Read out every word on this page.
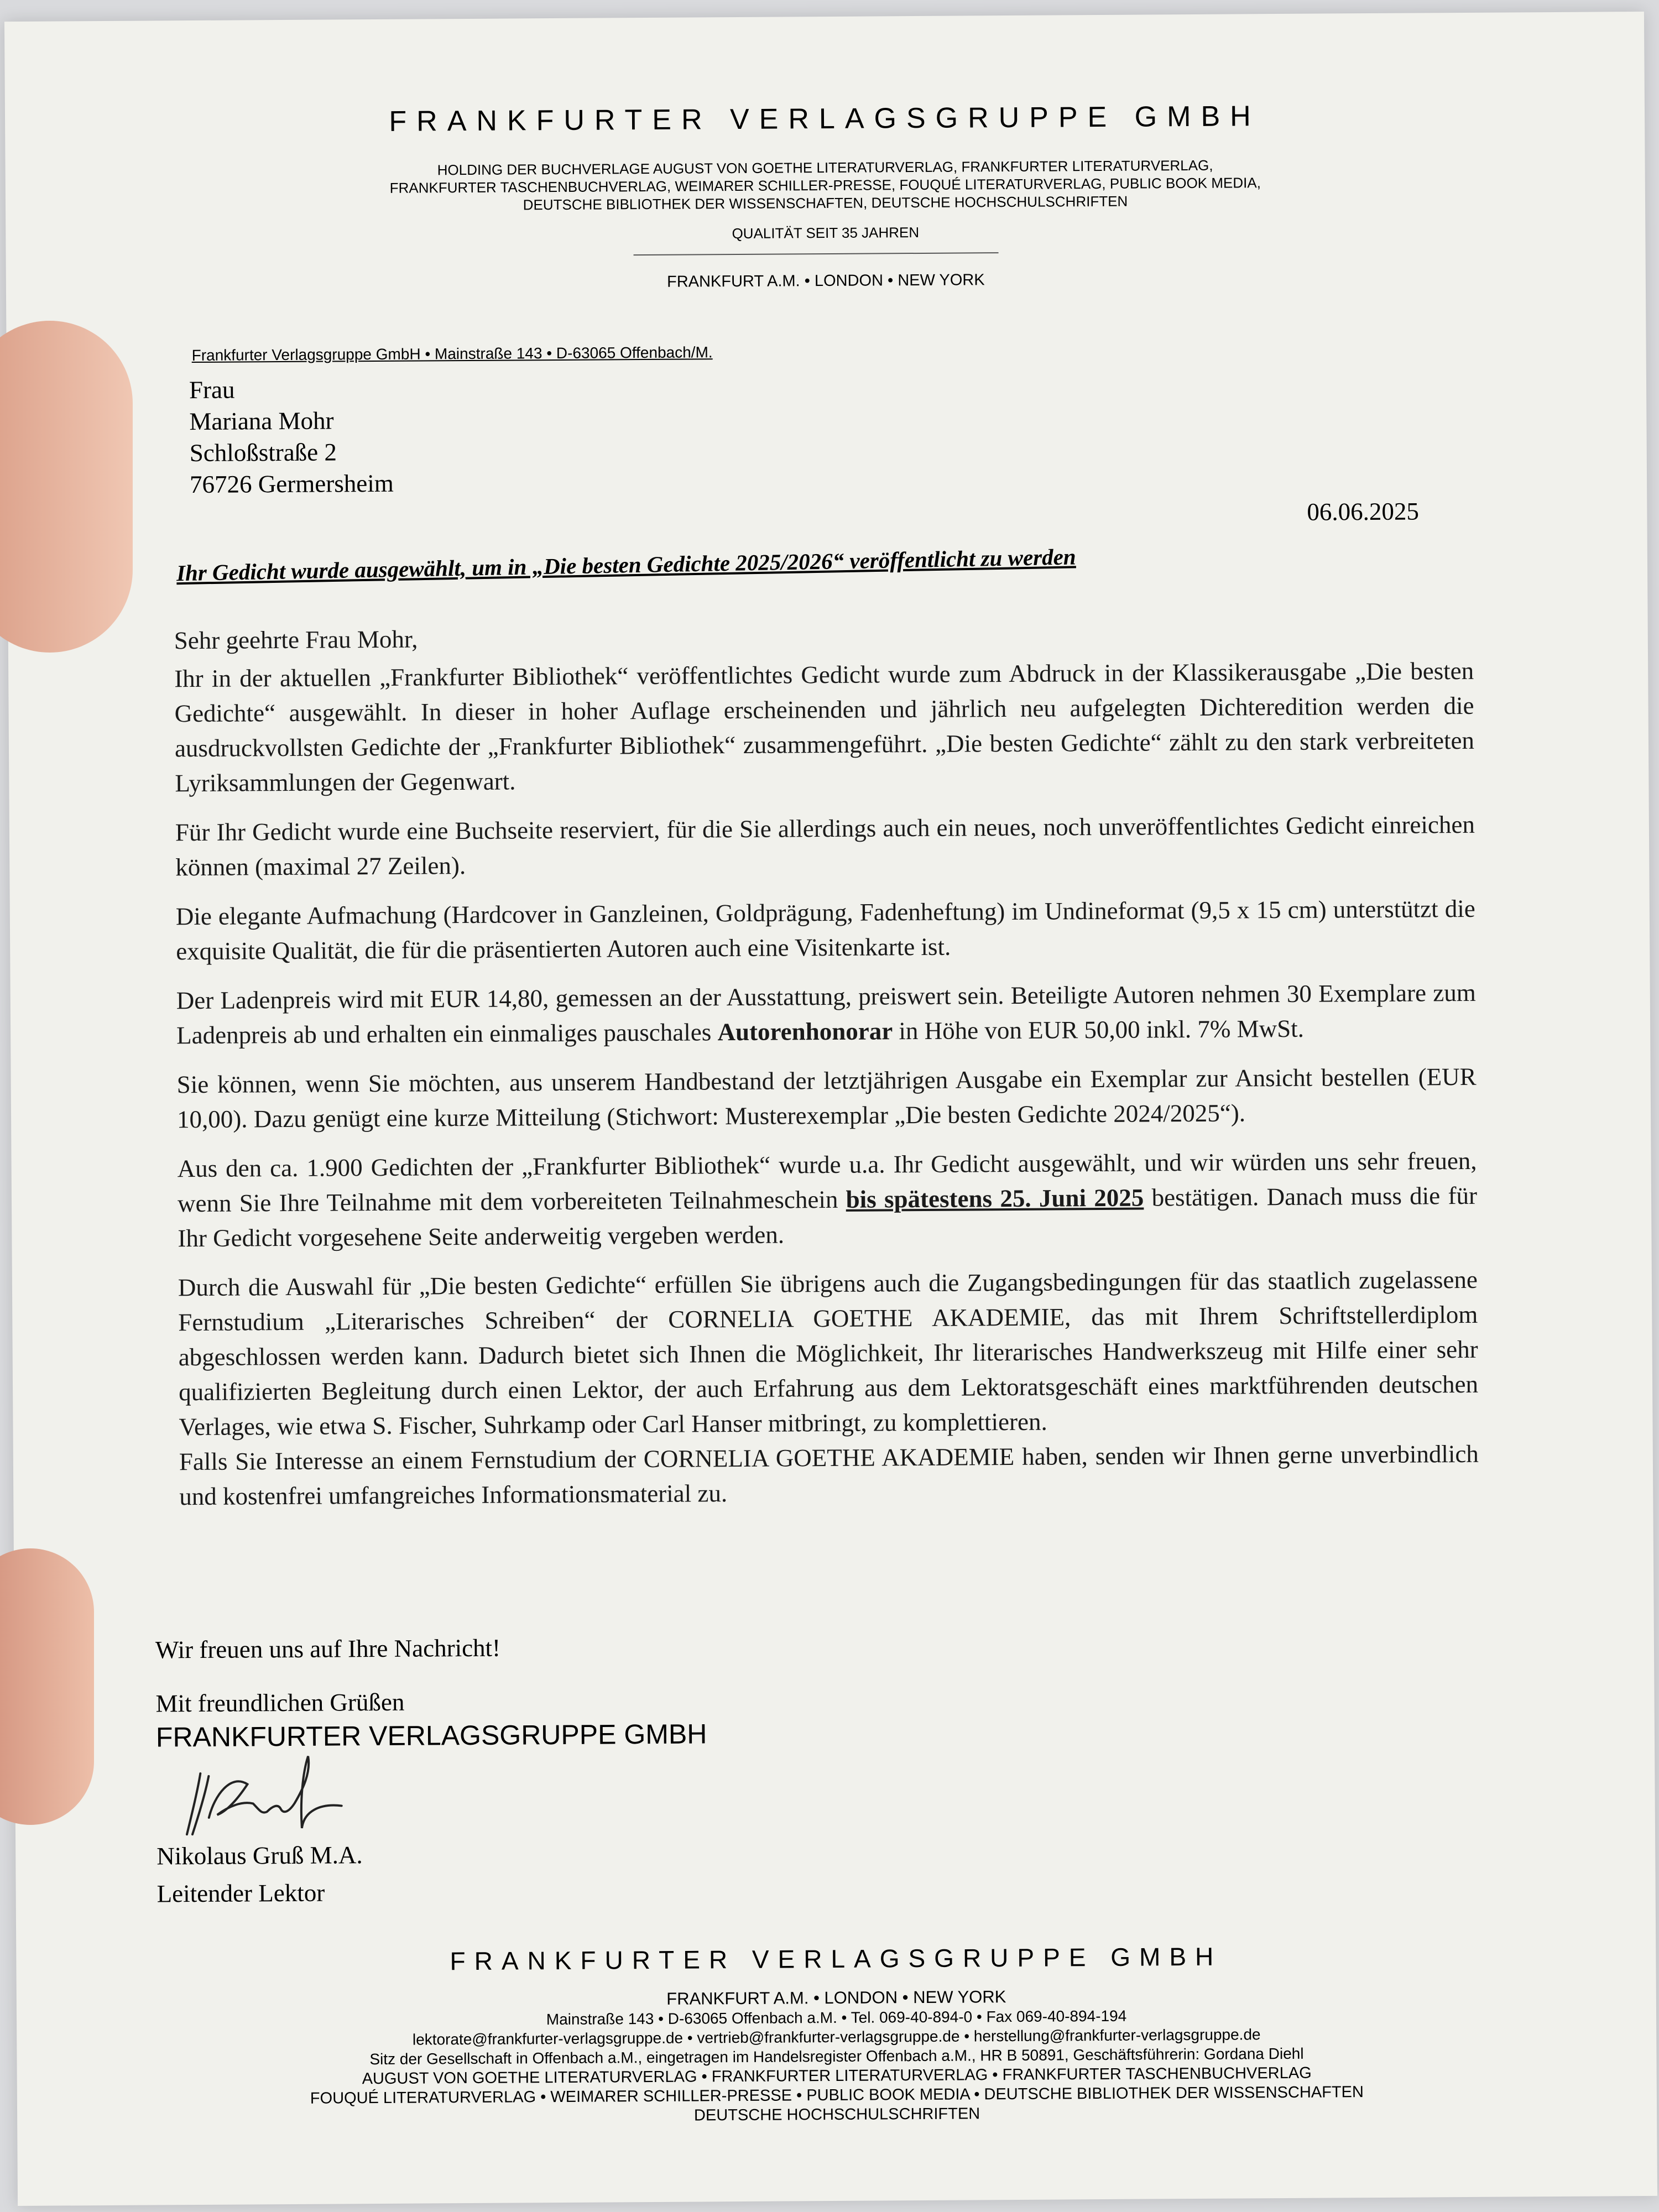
FRANKFURTER VERLAGSGRUPPE GMBH
HOLDING DER BUCHVERLAGE AUGUST VON GOETHE LITERATURVERLAG, FRANKFURTER LITERATURVERLAG,
FRANKFURTER TASCHENBUCHVERLAG, WEIMARER SCHILLER-PRESSE, FOUQUÉ LITERATURVERLAG, PUBLIC BOOK MEDIA,
DEUTSCHE BIBLIOTHEK DER WISSENSCHAFTEN, DEUTSCHE HOCHSCHULSCHRIFTEN
QUALITÄT SEIT 35 JAHREN
FRANKFURT A.M. • LONDON • NEW YORK
Frankfurter Verlagsgruppe GmbH • Mainstraße 143 • D-63065 Offenbach/M.
Frau
Mariana Mohr
Schloßstraße 2
76726 Germersheim
06.06.2025
Ihr Gedicht wurde ausgewählt, um in „Die besten Gedichte 2025/2026“ veröffentlicht zu werden

Sehr geehrte Frau Mohr,

Ihr in der aktuellen „Frankfurter Bibliothek“ veröffentlichtes Gedicht wurde zum Abdruck in der Klassikerausgabe „Die besten Gedichte“ ausgewählt. In dieser in hoher Auflage erscheinenden und jährlich neu aufgelegten Dichteredition werden die ausdruckvollsten Gedichte der „Frankfurter Bibliothek“ zusammengeführt. „Die besten Gedichte“ zählt zu den stark verbreiteten Lyriksammlungen der Gegenwart.

Für Ihr Gedicht wurde eine Buchseite reserviert, für die Sie allerdings auch ein neues, noch unveröffentlichtes Gedicht einreichen können (maximal 27 Zeilen).

Die elegante Aufmachung (Hardcover in Ganzleinen, Goldprägung, Fadenheftung) im Undineformat (9,5 x 15 cm) unterstützt die exquisite Qualität, die für die präsentierten Autoren auch eine Visitenkarte ist.

Der Ladenpreis wird mit EUR 14,80, gemessen an der Ausstattung, preiswert sein. Beteiligte Autoren nehmen 30 Exemplare zum Ladenpreis ab und erhalten ein einmaliges pauschales Autorenhonorar in Höhe von EUR 50,00 inkl. 7% MwSt.

Sie können, wenn Sie möchten, aus unserem Handbestand der letztjährigen Ausgabe ein Exemplar zur Ansicht bestellen (EUR 10,00). Dazu genügt eine kurze Mitteilung (Stichwort: Musterexemplar „Die besten Gedichte 2024/2025“).

Aus den ca. 1.900 Gedichten der „Frankfurter Bibliothek“ wurde u.a. Ihr Gedicht ausgewählt, und wir würden uns sehr freuen, wenn Sie Ihre Teilnahme mit dem vorbereiteten Teilnahmeschein bis spätestens 25. Juni 2025 bestätigen. Danach muss die für Ihr Gedicht vorgesehene Seite anderweitig vergeben werden.

Durch die Auswahl für „Die besten Gedichte“ erfüllen Sie übrigens auch die Zugangsbedingungen für das staatlich zugelassene Fernstudium „Literarisches Schreiben“ der CORNELIA GOETHE AKADEMIE, das mit Ihrem Schriftstellerdiplom abgeschlossen werden kann. Dadurch bietet sich Ihnen die Möglichkeit, Ihr literarisches Handwerkszeug mit Hilfe einer sehr qualifizierten Begleitung durch einen Lektor, der auch Erfahrung aus dem Lektoratsgeschäft eines marktführenden deutschen Verlages, wie etwa S. Fischer, Suhrkamp oder Carl Hanser mitbringt, zu komplettieren.

Falls Sie Interesse an einem Fernstudium der CORNELIA GOETHE AKADEMIE haben, senden wir Ihnen gerne unverbindlich und kostenfrei umfangreiches Informationsmaterial zu.

Wir freuen uns auf Ihre Nachricht!
Mit freundlichen Grüßen
FRANKFURTER VERLAGSGRUPPE GMBH
Nikolaus Gruß M.A.
Leitender Lektor
FRANKFURTER VERLAGSGRUPPE GMBH
FRANKFURT A.M. • LONDON • NEW YORK
Mainstraße 143 • D-63065 Offenbach a.M. • Tel. 069-40-894-0 • Fax 069-40-894-194
lektorate@frankfurter-verlagsgruppe.de • vertrieb@frankfurter-verlagsgruppe.de • herstellung@frankfurter-verlagsgruppe.de
Sitz der Gesellschaft in Offenbach a.M., eingetragen im Handelsregister Offenbach a.M., HR B 50891, Geschäftsführerin: Gordana Diehl
AUGUST VON GOETHE LITERATURVERLAG • FRANKFURTER LITERATURVERLAG • FRANKFURTER TASCHENBUCHVERLAG
FOUQUÉ LITERATURVERLAG • WEIMARER SCHILLER-PRESSE • PUBLIC BOOK MEDIA • DEUTSCHE BIBLIOTHEK DER WISSENSCHAFTEN
DEUTSCHE HOCHSCHULSCHRIFTEN
